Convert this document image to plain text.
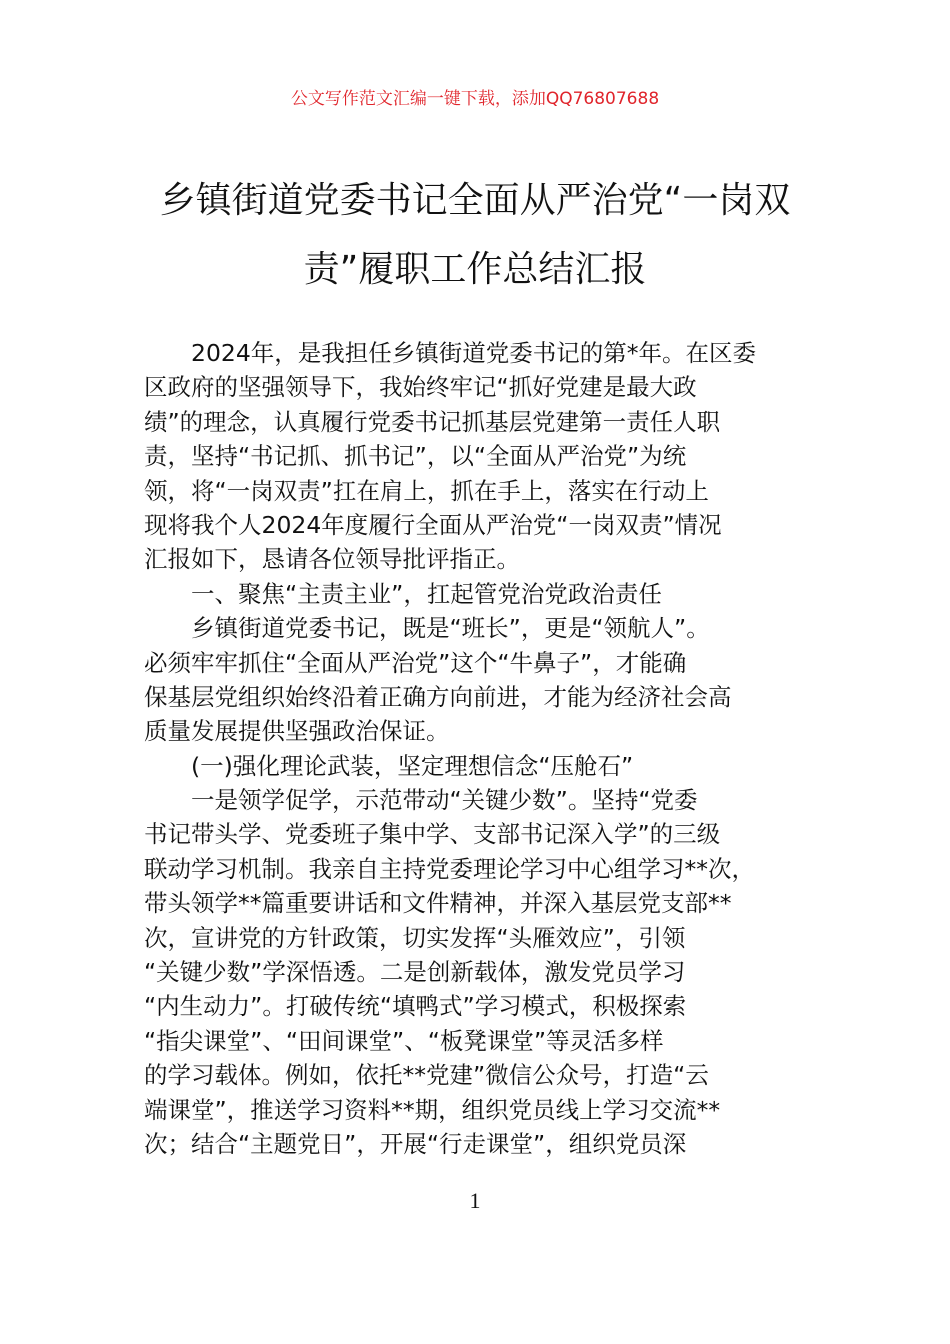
公文写作范文汇编一键下载，添加QQ76807688
乡镇街道党委书记全面从严治党“一岗双
责”履职工作总结汇报
2024年，是我担任乡镇街道党委书记的第*年。在区委
区政府的坚强领导下，我始终牢记“抓好党建是最大政
绩”的理念，认真履行党委书记抓基层党建第一责任人职
责，坚持“书记抓、抓书记”，以“全面从严治党”为统
领，将“一岗双责”扛在肩上，抓在手上，落实在行动上
现将我个人2024年度履行全面从严治党“一岗双责”情况
汇报如下，恳请各位领导批评指正。
一、聚焦“主责主业”，扛起管党治党政治责任
乡镇街道党委书记，既是“班长”，更是“领航人”。
必须牢牢抓住“全面从严治党”这个“牛鼻子”，才能确
保基层党组织始终沿着正确方向前进，才能为经济社会高
质量发展提供坚强政治保证。
(一)强化理论武装，坚定理想信念“压舱石”
一是领学促学，示范带动“关键少数”。坚持“党委
书记带头学、党委班子集中学、支部书记深入学”的三级
联动学习机制。我亲自主持党委理论学习中心组学习**次，
带头领学**篇重要讲话和文件精神，并深入基层党支部**
次，宣讲党的方针政策，切实发挥“头雁效应”，引领
“关键少数”学深悟透。二是创新载体，激发党员学习
“内生动力”。打破传统“填鸭式”学习模式，积极探索
“指尖课堂”、“田间课堂”、“板凳课堂”等灵活多样
的学习载体。例如，依托**党建”微信公众号，打造“云
端课堂”，推送学习资料**期，组织党员线上学习交流**
次；结合“主题党日”，开展“行走课堂”，组织党员深
1
